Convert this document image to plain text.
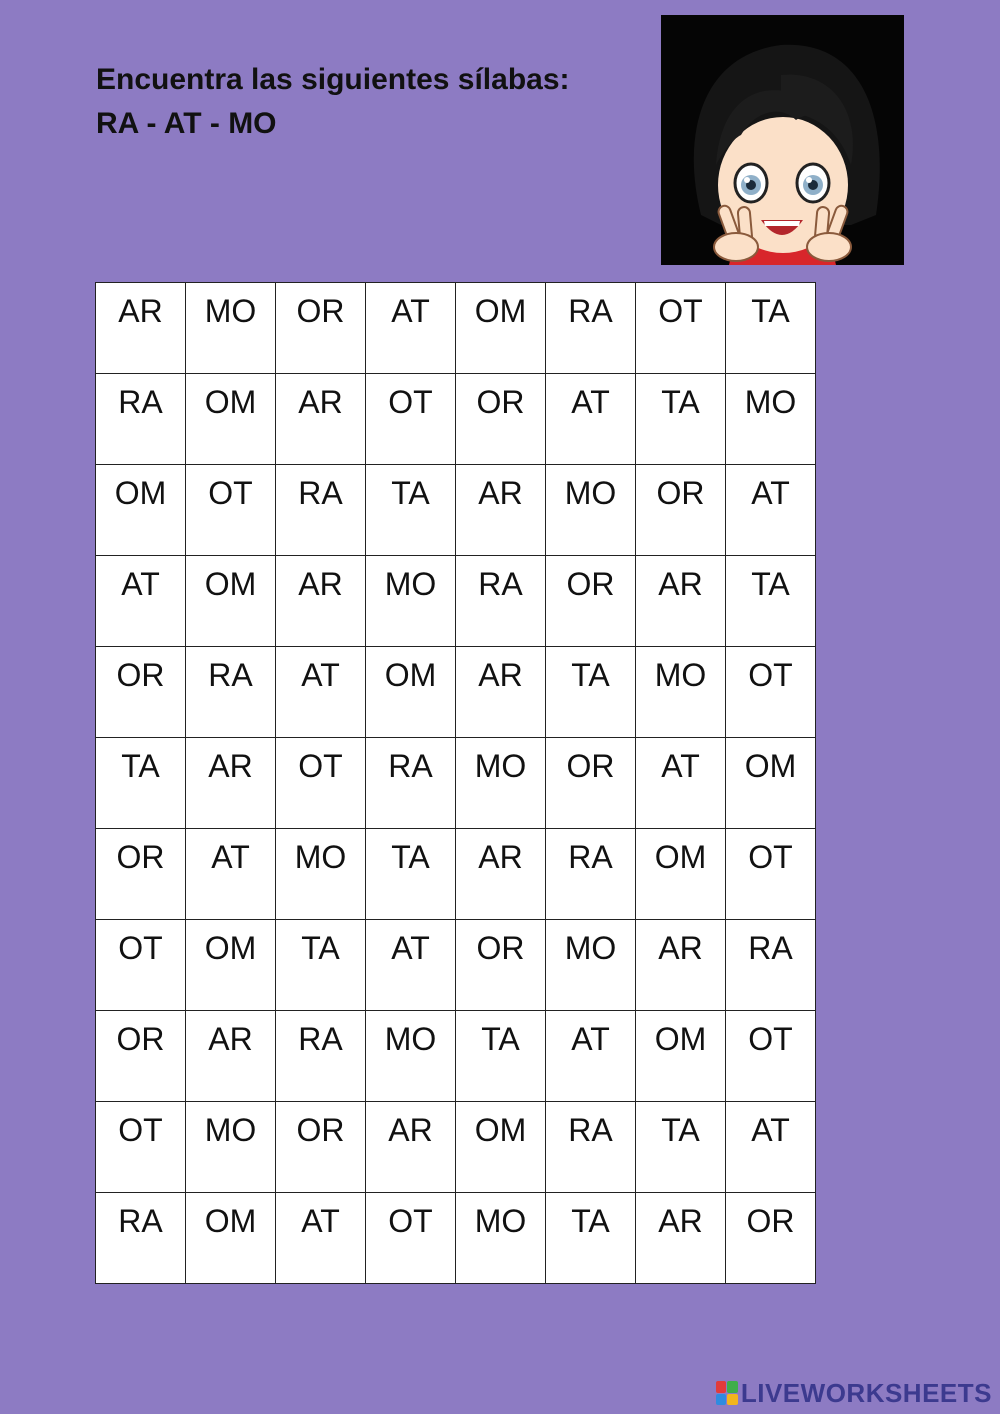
Encuentra las siguientes sílabas:
RA - AT - MO
AR	MO	OR	AT	OM	RA	OT	TA

RA	OM	AR	OT	OR	AT	TA	MO

OM	OT	RA	TA	AR	MO	OR	AT

AT	OM	AR	MO	RA	OR	AR	TA

OR	RA	AT	OM	AR	TA	MO	OT

TA	AR	OT	RA	MO	OR	AT	OM

OR	AT	MO	TA	AR	RA	OM	OT

OT	OM	TA	AT	OR	MO	AR	RA

OR	AR	RA	MO	TA	AT	OM	OT

OT	MO	OR	AR	OM	RA	TA	AT

RA	OM	AT	OT	MO	TA	AR	OR
LIVEWORKSHEETS
